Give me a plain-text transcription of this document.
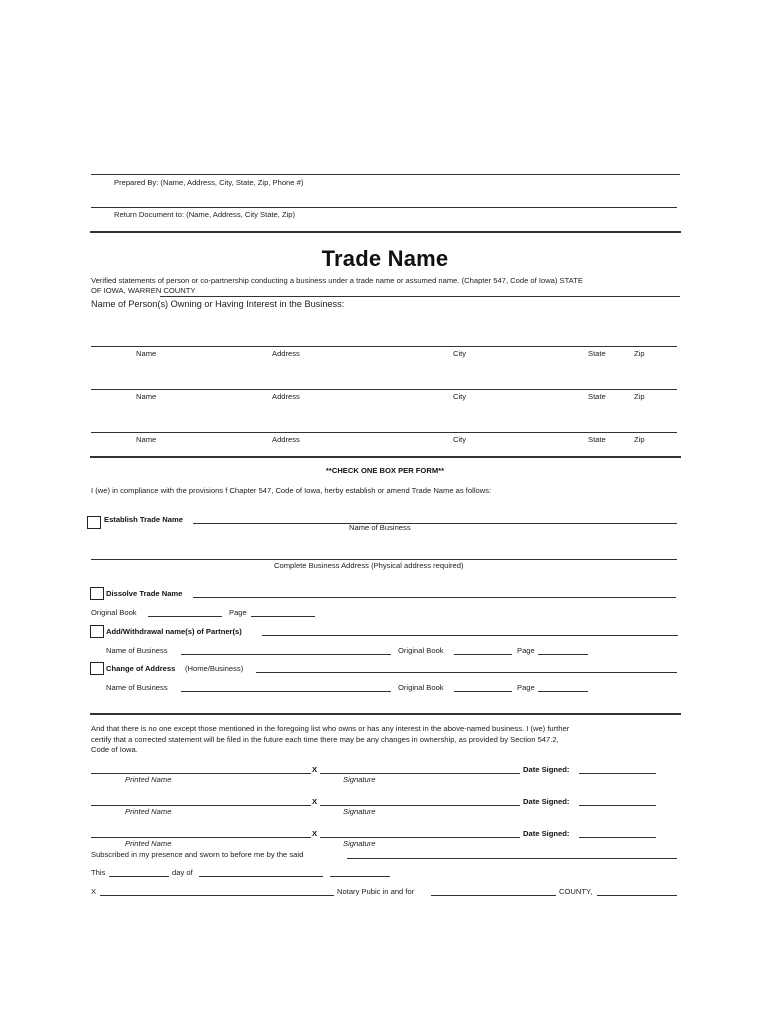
Prepared By: (Name, Address, City, State, Zip, Phone #)
Return Document to: (Name, Address, City State, Zip)
Trade Name
Verified statements of person or co-partnership conducting a business under a trade name or assumed name. (Chapter 547, Code of Iowa) STATE
OF IOWA, WARREN COUNTY
Name of Person(s) Owning or Having Interest in the Business:
Name	Address	City	State	Zip
Name	Address	City	State	Zip
Name	Address	City	State	Zip
**CHECK ONE BOX PER FORM**
I (we) in compliance with the provisions f Chapter 547, Code of Iowa, herby establish or amend Trade Name as follows:
Establish Trade Name
Name of Business
Complete Business Address (Physical address required)
Dissolve Trade Name
Original Book	Page
Add/Withdrawal name(s) of Partner(s)
Name of Business	Original Book	Page
Change of Address (Home/Business)
Name of Business	Original Book	Page
And that there is no one except those mentioned in the foregoing list who owns or has any interest in the above-named business. I (we) further
certify that a corrected statement will be filed in the future each time there may be any changes in ownership, as provided by Section 547.2,
Code of Iowa.
X	Date Signed:
Printed Name	Signature
X	Date Signed:
Printed Name	Signature
X	Date Signed:
Printed Name	Signature
Subscribed in my presence and sworn to before me by the said
This	day of
X	Notary Pubic in and for	COUNTY,
